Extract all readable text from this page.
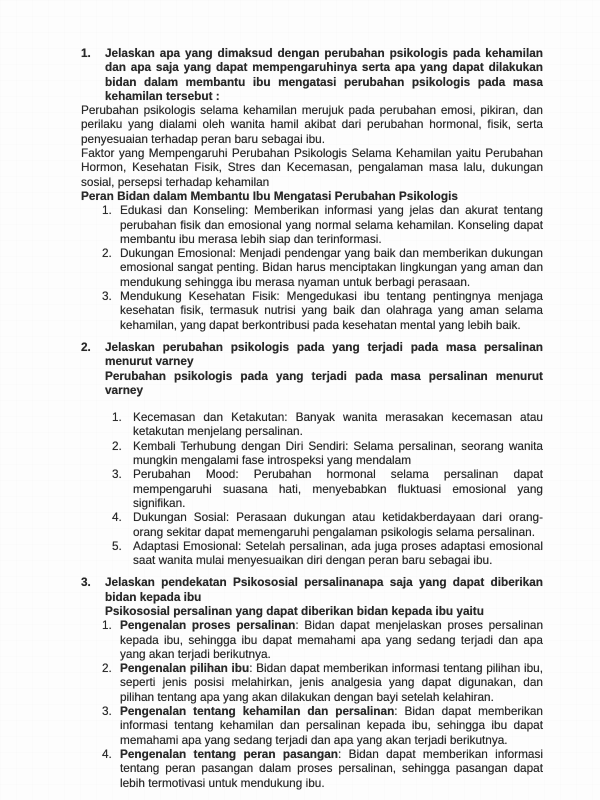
1.	Jelaskan apa yang dimaksud dengan perubahan psikologis pada kehamilan dan apa saja yang dapat mempengaruhinya serta apa yang dapat dilakukan bidan dalam membantu ibu mengatasi perubahan psikologis pada masa kehamilan tersebut :

Perubahan psikologis selama kehamilan merujuk pada perubahan emosi, pikiran, dan perilaku yang dialami oleh wanita hamil akibat dari perubahan hormonal, fisik, serta penyesuaian terhadap peran baru sebagai ibu.

Faktor yang Mempengaruhi Perubahan Psikologis Selama Kehamilan yaitu Perubahan Hormon, Kesehatan Fisik, Stres dan Kecemasan, pengalaman masa lalu, dukungan sosial, persepsi terhadap kehamilan

Peran Bidan dalam Membantu Ibu Mengatasi Perubahan Psikologis

1. Edukasi dan Konseling: Memberikan informasi yang jelas dan akurat tentang perubahan fisik dan emosional yang normal selama kehamilan. Konseling dapat membantu ibu merasa lebih siap dan terinformasi.
2. Dukungan Emosional: Menjadi pendengar yang baik dan memberikan dukungan emosional sangat penting. Bidan harus menciptakan lingkungan yang aman dan mendukung sehingga ibu merasa nyaman untuk berbagi perasaan.
3. Mendukung Kesehatan Fisik: Mengedukasi ibu tentang pentingnya menjaga kesehatan fisik, termasuk nutrisi yang baik dan olahraga yang aman selama kehamilan, yang dapat berkontribusi pada kesehatan mental yang lebih baik.
2.	Jelaskan perubahan psikologis pada yang terjadi pada masa persalinan menurut varney

Perubahan psikologis pada yang terjadi pada masa persalinan menurut varney

1. Kecemasan dan Ketakutan: Banyak wanita merasakan kecemasan atau ketakutan menjelang persalinan.
2. Kembali Terhubung dengan Diri Sendiri: Selama persalinan, seorang wanita mungkin mengalami fase introspeksi yang mendalam
3. Perubahan Mood: Perubahan hormonal selama persalinan dapat mempengaruhi suasana hati, menyebabkan fluktuasi emosional yang signifikan.
4. Dukungan Sosial: Perasaan dukungan atau ketidakberdayaan dari orang-orang sekitar dapat memengaruhi pengalaman psikologis selama persalinan.
5. Adaptasi Emosional: Setelah persalinan, ada juga proses adaptasi emosional saat wanita mulai menyesuaikan diri dengan peran baru sebagai ibu.
3.	Jelaskan pendekatan Psikososial persalinanapa saja yang dapat diberikan bidan kepada ibu

Psikososial persalinan yang dapat diberikan bidan kepada ibu yaitu

1. Pengenalan proses persalinan: Bidan dapat menjelaskan proses persalinan kepada ibu, sehingga ibu dapat memahami apa yang sedang terjadi dan apa yang akan terjadi berikutnya.
2. Pengenalan pilihan ibu: Bidan dapat memberikan informasi tentang pilihan ibu, seperti jenis posisi melahirkan, jenis analgesia yang dapat digunakan, dan pilihan tentang apa yang akan dilakukan dengan bayi setelah kelahiran.
3. Pengenalan tentang kehamilan dan persalinan: Bidan dapat memberikan informasi tentang kehamilan dan persalinan kepada ibu, sehingga ibu dapat memahami apa yang sedang terjadi dan apa yang akan terjadi berikutnya.
4. Pengenalan tentang peran pasangan: Bidan dapat memberikan informasi tentang peran pasangan dalam proses persalinan, sehingga pasangan dapat lebih termotivasi untuk mendukung ibu.
